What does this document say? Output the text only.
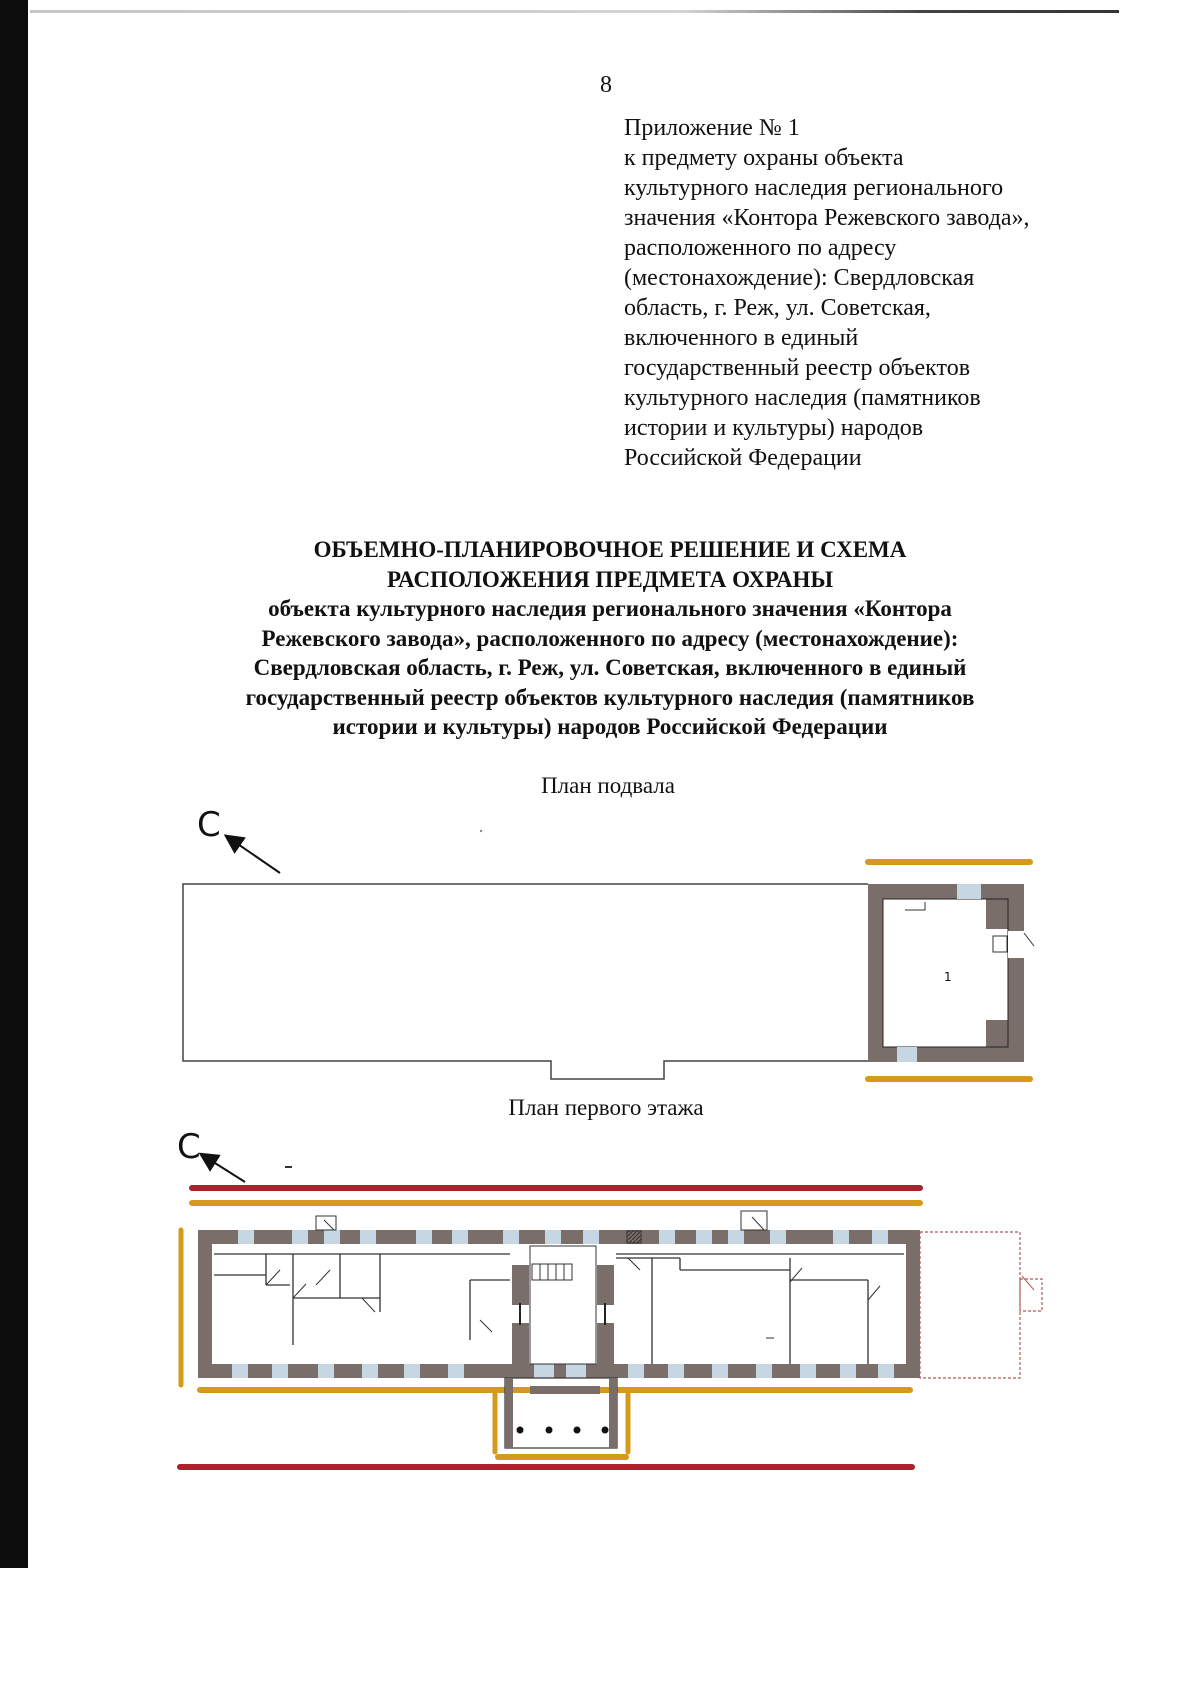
8
Приложение № 1
к предмету охраны объекта
культурного наследия регионального
значения «Контора Режевского завода»,
расположенного по адресу
(местонахождение): Свердловская
область, г. Реж, ул. Советская,
включенного в единый
государственный реестр объектов
культурного наследия (памятников
истории и культуры) народов
Российской Федерации
ОБЪЕМНО-ПЛАНИРОВОЧНОЕ РЕШЕНИЕ И СХЕМА
РАСПОЛОЖЕНИЯ ПРЕДМЕТА ОХРАНЫ
объекта культурного наследия регионального значения «Контора
Режевского завода», расположенного по адресу (местонахождение):
Свердловская область, г. Реж, ул. Советская, включенного в единый
государственный реестр объектов культурного наследия (памятников
истории и культуры) народов Российской Федерации
План подвала
План первого этажа
С
1
С
